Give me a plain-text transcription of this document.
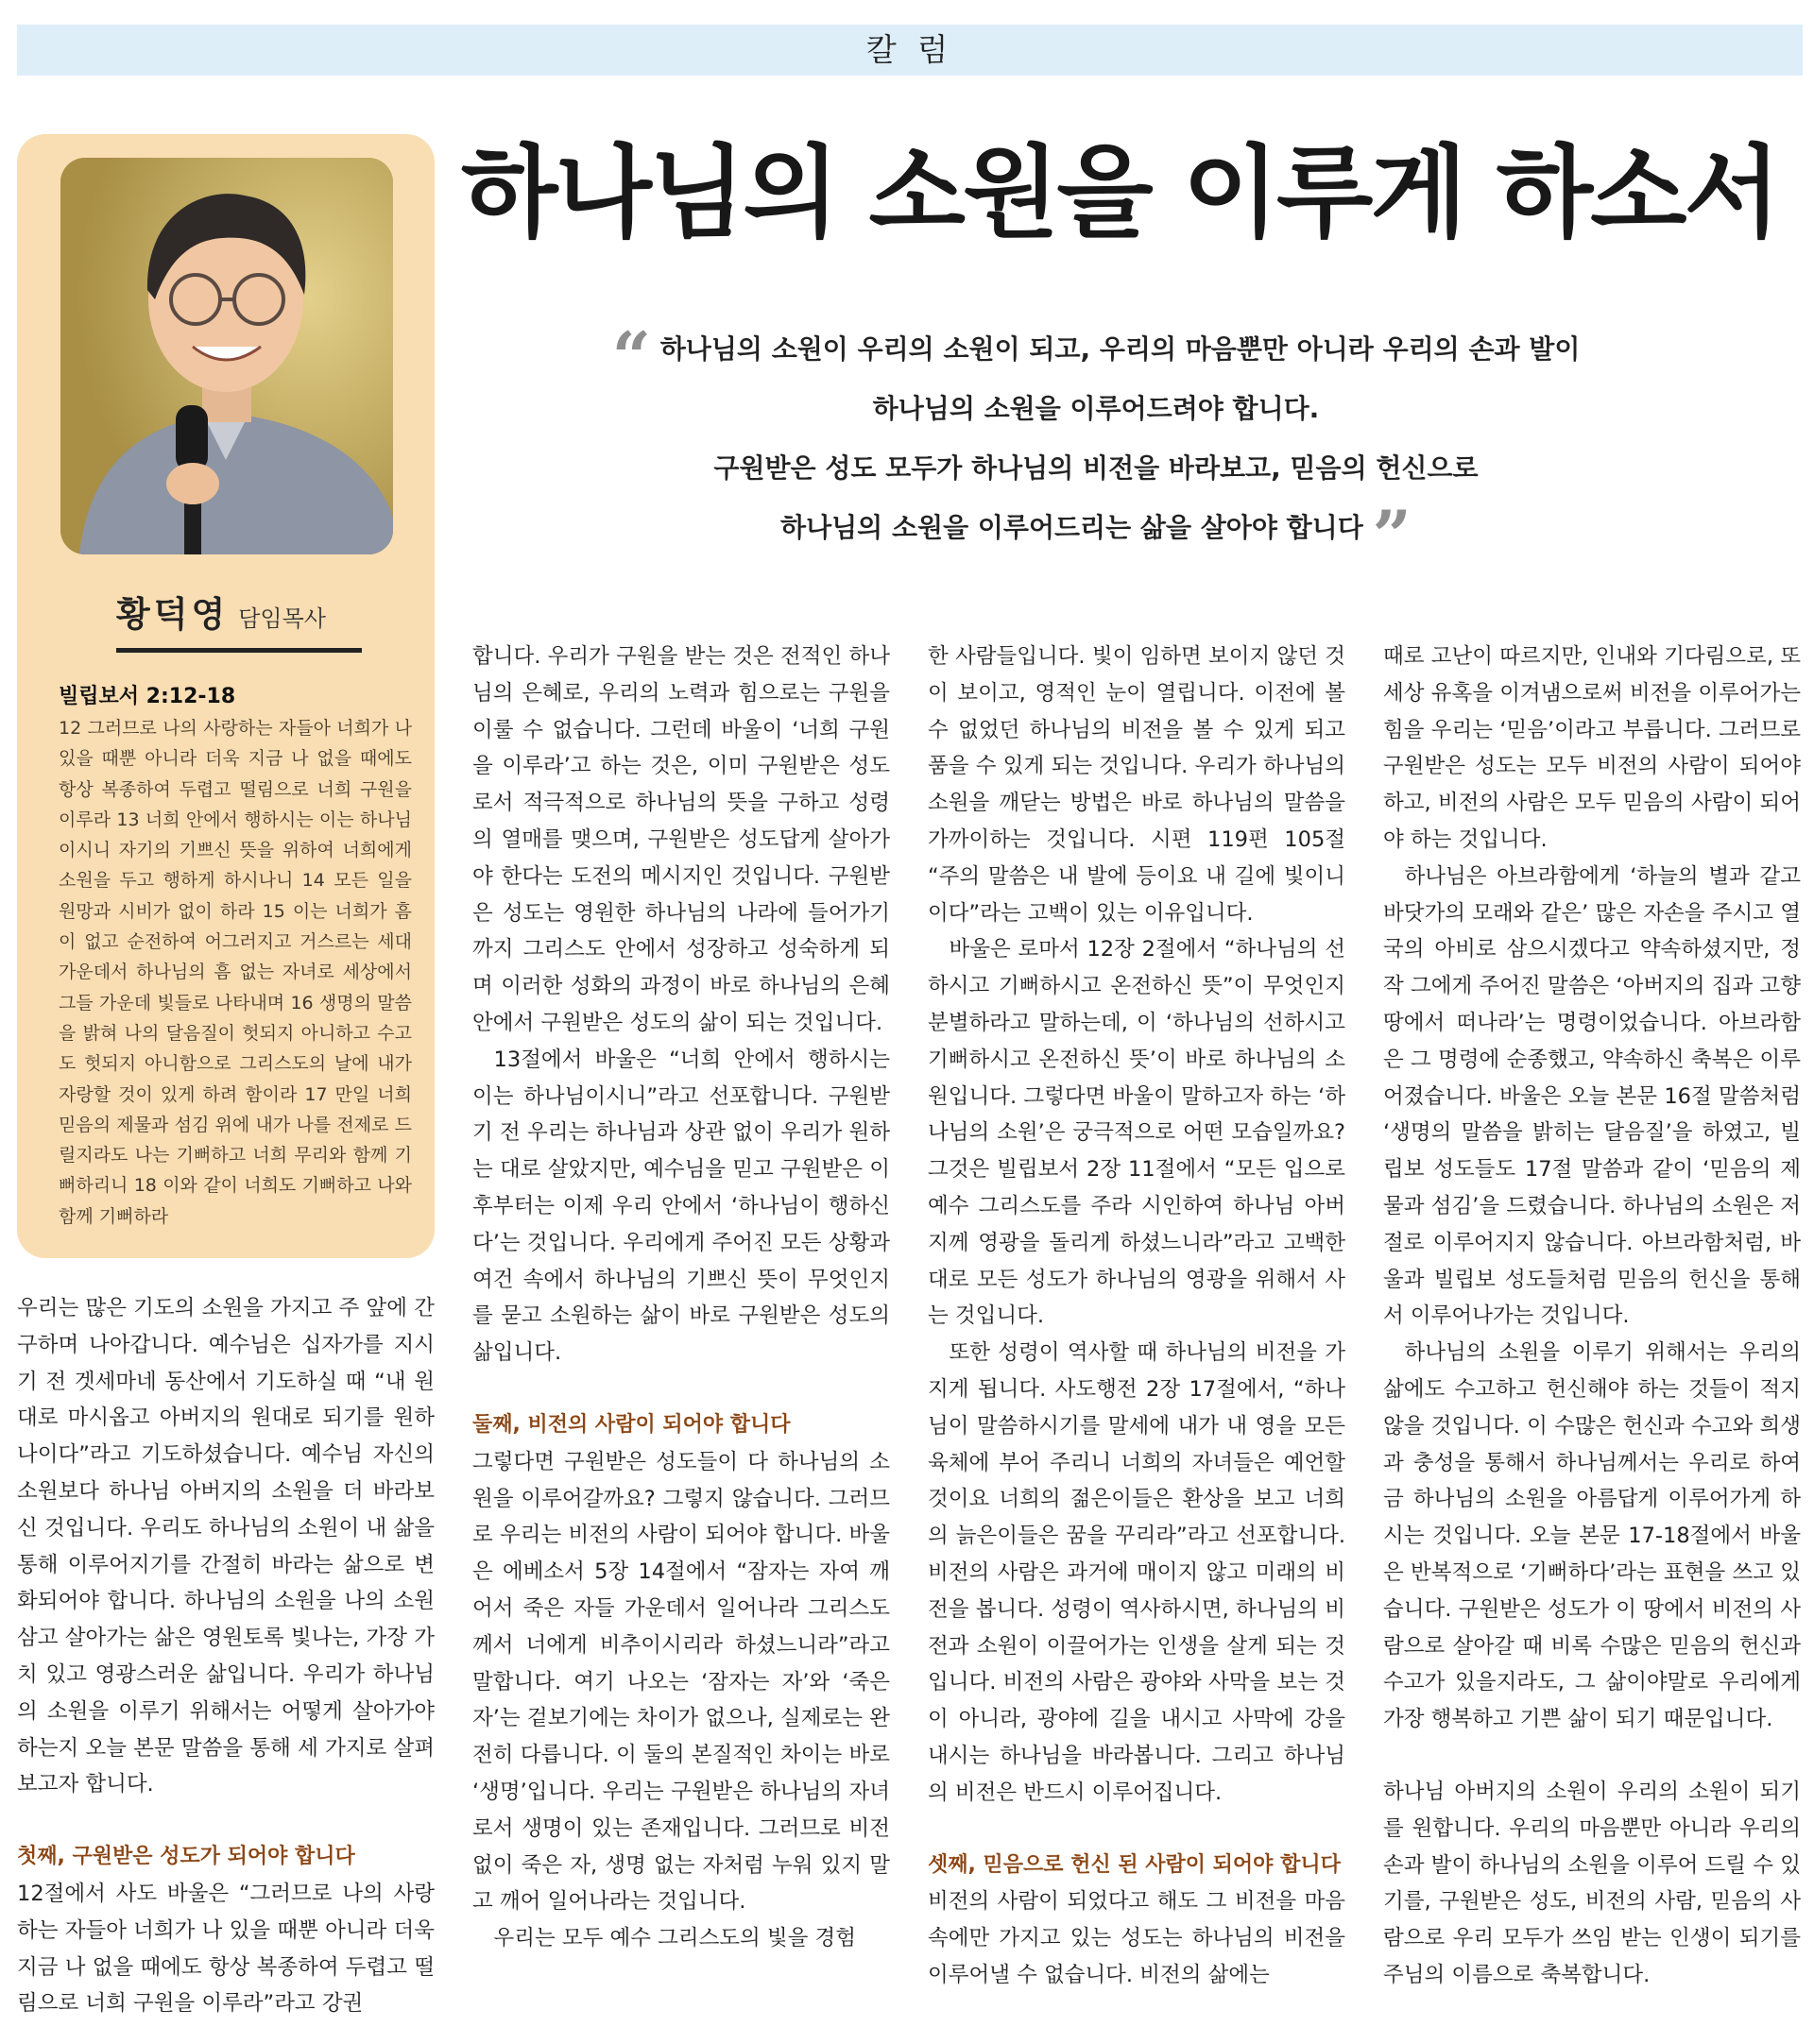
칼 럼
하나님의 소원을 이루게 하소서
“ 하나님의 소원이 우리의 소원이 되고, 우리의 마음뿐만 아니라 우리의 손과 발이
하나님의 소원을 이루어드려야 합니다.
구원받은 성도 모두가 하나님의 비전을 바라보고, 믿음의 헌신으로
하나님의 소원을 이루어드리는 삶을 살아야 합니다 ”
황덕영 담임목사
빌립보서 2:12-18
12 그러므로 나의 사랑하는 자들아 너희가 나 있을 때뿐 아니라 더욱 지금 나 없을 때에도 항상 복종하여 두렵고 떨림으로 너희 구원을 이루라 13 너희 안에서 행하시는 이는 하나님이시니 자기의 기쁘신 뜻을 위하여 너희에게 소원을 두고 행하게 하시나니 14 모든 일을 원망과 시비가 없이 하라 15 이는 너희가 흠이 없고 순전하여 어그러지고 거스르는 세대 가운데서 하나님의 흠 없는 자녀로 세상에서 그들 가운데 빛들로 나타내며 16 생명의 말씀을 밝혀 나의 달음질이 헛되지 아니하고 수고도 헛되지 아니함으로 그리스도의 날에 내가 자랑할 것이 있게 하려 함이라 17 만일 너희 믿음의 제물과 섬김 위에 내가 나를 전제로 드릴지라도 나는 기뻐하고 너희 무리와 함께 기뻐하리니 18 이와 같이 너희도 기뻐하고 나와 함께 기뻐하라

우리는 많은 기도의 소원을 가지고 주 앞에 간구하며 나아갑니다. 예수님은 십자가를 지시기 전 겟세마네 동산에서 기도하실 때 “내 원대로 마시옵고 아버지의 원대로 되기를 원하나이다”라고 기도하셨습니다. 예수님 자신의 소원보다 하나님 아버지의 소원을 더 바라보신 것입니다. 우리도 하나님의 소원이 내 삶을 통해 이루어지기를 간절히 바라는 삶으로 변화되어야 합니다. 하나님의 소원을 나의 소원 삼고 살아가는 삶은 영원토록 빛나는, 가장 가치 있고 영광스러운 삶입니다. 우리가 하나님의 소원을 이루기 위해서는 어떻게 살아가야 하는지 오늘 본문 말씀을 통해 세 가지로 살펴보고자 합니다.

첫째, 구원받은 성도가 되어야 합니다

12절에서 사도 바울은 “그러므로 나의 사랑하는 자들아 너희가 나 있을 때뿐 아니라 더욱 지금 나 없을 때에도 항상 복종하여 두렵고 떨림으로 너희 구원을 이루라”라고 강권

합니다. 우리가 구원을 받는 것은 전적인 하나님의 은혜로, 우리의 노력과 힘으로는 구원을 이룰 수 없습니다. 그런데 바울이 ‘너희 구원을 이루라’고 하는 것은, 이미 구원받은 성도로서 적극적으로 하나님의 뜻을 구하고 성령의 열매를 맺으며, 구원받은 성도답게 살아가야 한다는 도전의 메시지인 것입니다. 구원받은 성도는 영원한 하나님의 나라에 들어가기까지 그리스도 안에서 성장하고 성숙하게 되며 이러한 성화의 과정이 바로 하나님의 은혜 안에서 구원받은 성도의 삶이 되는 것입니다.

13절에서 바울은 “너희 안에서 행하시는 이는 하나님이시니”라고 선포합니다. 구원받기 전 우리는 하나님과 상관 없이 우리가 원하는 대로 살았지만, 예수님을 믿고 구원받은 이후부터는 이제 우리 안에서 ‘하나님이 행하신다’는 것입니다. 우리에게 주어진 모든 상황과 여건 속에서 하나님의 기쁘신 뜻이 무엇인지를 묻고 소원하는 삶이 바로 구원받은 성도의 삶입니다.

둘째, 비전의 사람이 되어야 합니다

그렇다면 구원받은 성도들이 다 하나님의 소원을 이루어갈까요? 그렇지 않습니다. 그러므로 우리는 비전의 사람이 되어야 합니다. 바울은 에베소서 5장 14절에서 “잠자는 자여 깨어서 죽은 자들 가운데서 일어나라 그리스도께서 너에게 비추이시리라 하셨느니라”라고 말합니다. 여기 나오는 ‘잠자는 자’와 ‘죽은 자’는 겉보기에는 차이가 없으나, 실제로는 완전히 다릅니다. 이 둘의 본질적인 차이는 바로 ‘생명’입니다. 우리는 구원받은 하나님의 자녀로서 생명이 있는 존재입니다. 그러므로 비전 없이 죽은 자, 생명 없는 자처럼 누워 있지 말고 깨어 일어나라는 것입니다.

우리는 모두 예수 그리스도의 빛을 경험

한 사람들입니다. 빛이 임하면 보이지 않던 것이 보이고, 영적인 눈이 열립니다. 이전에 볼 수 없었던 하나님의 비전을 볼 수 있게 되고 품을 수 있게 되는 것입니다. 우리가 하나님의 소원을 깨닫는 방법은 바로 하나님의 말씀을 가까이하는 것입니다. 시편 119편 105절 “주의 말씀은 내 발에 등이요 내 길에 빛이니이다”라는 고백이 있는 이유입니다.

바울은 로마서 12장 2절에서 “하나님의 선하시고 기뻐하시고 온전하신 뜻”이 무엇인지 분별하라고 말하는데, 이 ‘하나님의 선하시고 기뻐하시고 온전하신 뜻’이 바로 하나님의 소원입니다. 그렇다면 바울이 말하고자 하는 ‘하나님의 소원’은 궁극적으로 어떤 모습일까요? 그것은 빌립보서 2장 11절에서 “모든 입으로 예수 그리스도를 주라 시인하여 하나님 아버지께 영광을 돌리게 하셨느니라”라고 고백한 대로 모든 성도가 하나님의 영광을 위해서 사는 것입니다.

또한 성령이 역사할 때 하나님의 비전을 가지게 됩니다. 사도행전 2장 17절에서, “하나님이 말씀하시기를 말세에 내가 내 영을 모든 육체에 부어 주리니 너희의 자녀들은 예언할 것이요 너희의 젊은이들은 환상을 보고 너희의 늙은이들은 꿈을 꾸리라”라고 선포합니다. 비전의 사람은 과거에 매이지 않고 미래의 비전을 봅니다. 성령이 역사하시면, 하나님의 비전과 소원이 이끌어가는 인생을 살게 되는 것입니다. 비전의 사람은 광야와 사막을 보는 것이 아니라, 광야에 길을 내시고 사막에 강을 내시는 하나님을 바라봅니다. 그리고 하나님의 비전은 반드시 이루어집니다.

셋째, 믿음으로 헌신 된 사람이 되어야 합니다

비전의 사람이 되었다고 해도 그 비전을 마음속에만 가지고 있는 성도는 하나님의 비전을 이루어낼 수 없습니다. 비전의 삶에는

때로 고난이 따르지만, 인내와 기다림으로, 또 세상 유혹을 이겨냄으로써 비전을 이루어가는 힘을 우리는 ‘믿음’이라고 부릅니다. 그러므로 구원받은 성도는 모두 비전의 사람이 되어야 하고, 비전의 사람은 모두 믿음의 사람이 되어야 하는 것입니다.

하나님은 아브라함에게 ‘하늘의 별과 같고 바닷가의 모래와 같은’ 많은 자손을 주시고 열국의 아비로 삼으시겠다고 약속하셨지만, 정작 그에게 주어진 말씀은 ‘아버지의 집과 고향 땅에서 떠나라’는 명령이었습니다. 아브라함은 그 명령에 순종했고, 약속하신 축복은 이루어졌습니다. 바울은 오늘 본문 16절 말씀처럼 ‘생명의 말씀을 밝히는 달음질’을 하였고, 빌립보 성도들도 17절 말씀과 같이 ‘믿음의 제물과 섬김’을 드렸습니다. 하나님의 소원은 저절로 이루어지지 않습니다. 아브라함처럼, 바울과 빌립보 성도들처럼 믿음의 헌신을 통해서 이루어나가는 것입니다.

하나님의 소원을 이루기 위해서는 우리의 삶에도 수고하고 헌신해야 하는 것들이 적지 않을 것입니다. 이 수많은 헌신과 수고와 희생과 충성을 통해서 하나님께서는 우리로 하여금 하나님의 소원을 아름답게 이루어가게 하시는 것입니다. 오늘 본문 17-18절에서 바울은 반복적으로 ‘기뻐하다’라는 표현을 쓰고 있습니다. 구원받은 성도가 이 땅에서 비전의 사람으로 살아갈 때 비록 수많은 믿음의 헌신과 수고가 있을지라도, 그 삶이야말로 우리에게 가장 행복하고 기쁜 삶이 되기 때문입니다.

하나님 아버지의 소원이 우리의 소원이 되기를 원합니다. 우리의 마음뿐만 아니라 우리의 손과 발이 하나님의 소원을 이루어 드릴 수 있기를, 구원받은 성도, 비전의 사람, 믿음의 사람으로 우리 모두가 쓰임 받는 인생이 되기를 주님의 이름으로 축복합니다.
